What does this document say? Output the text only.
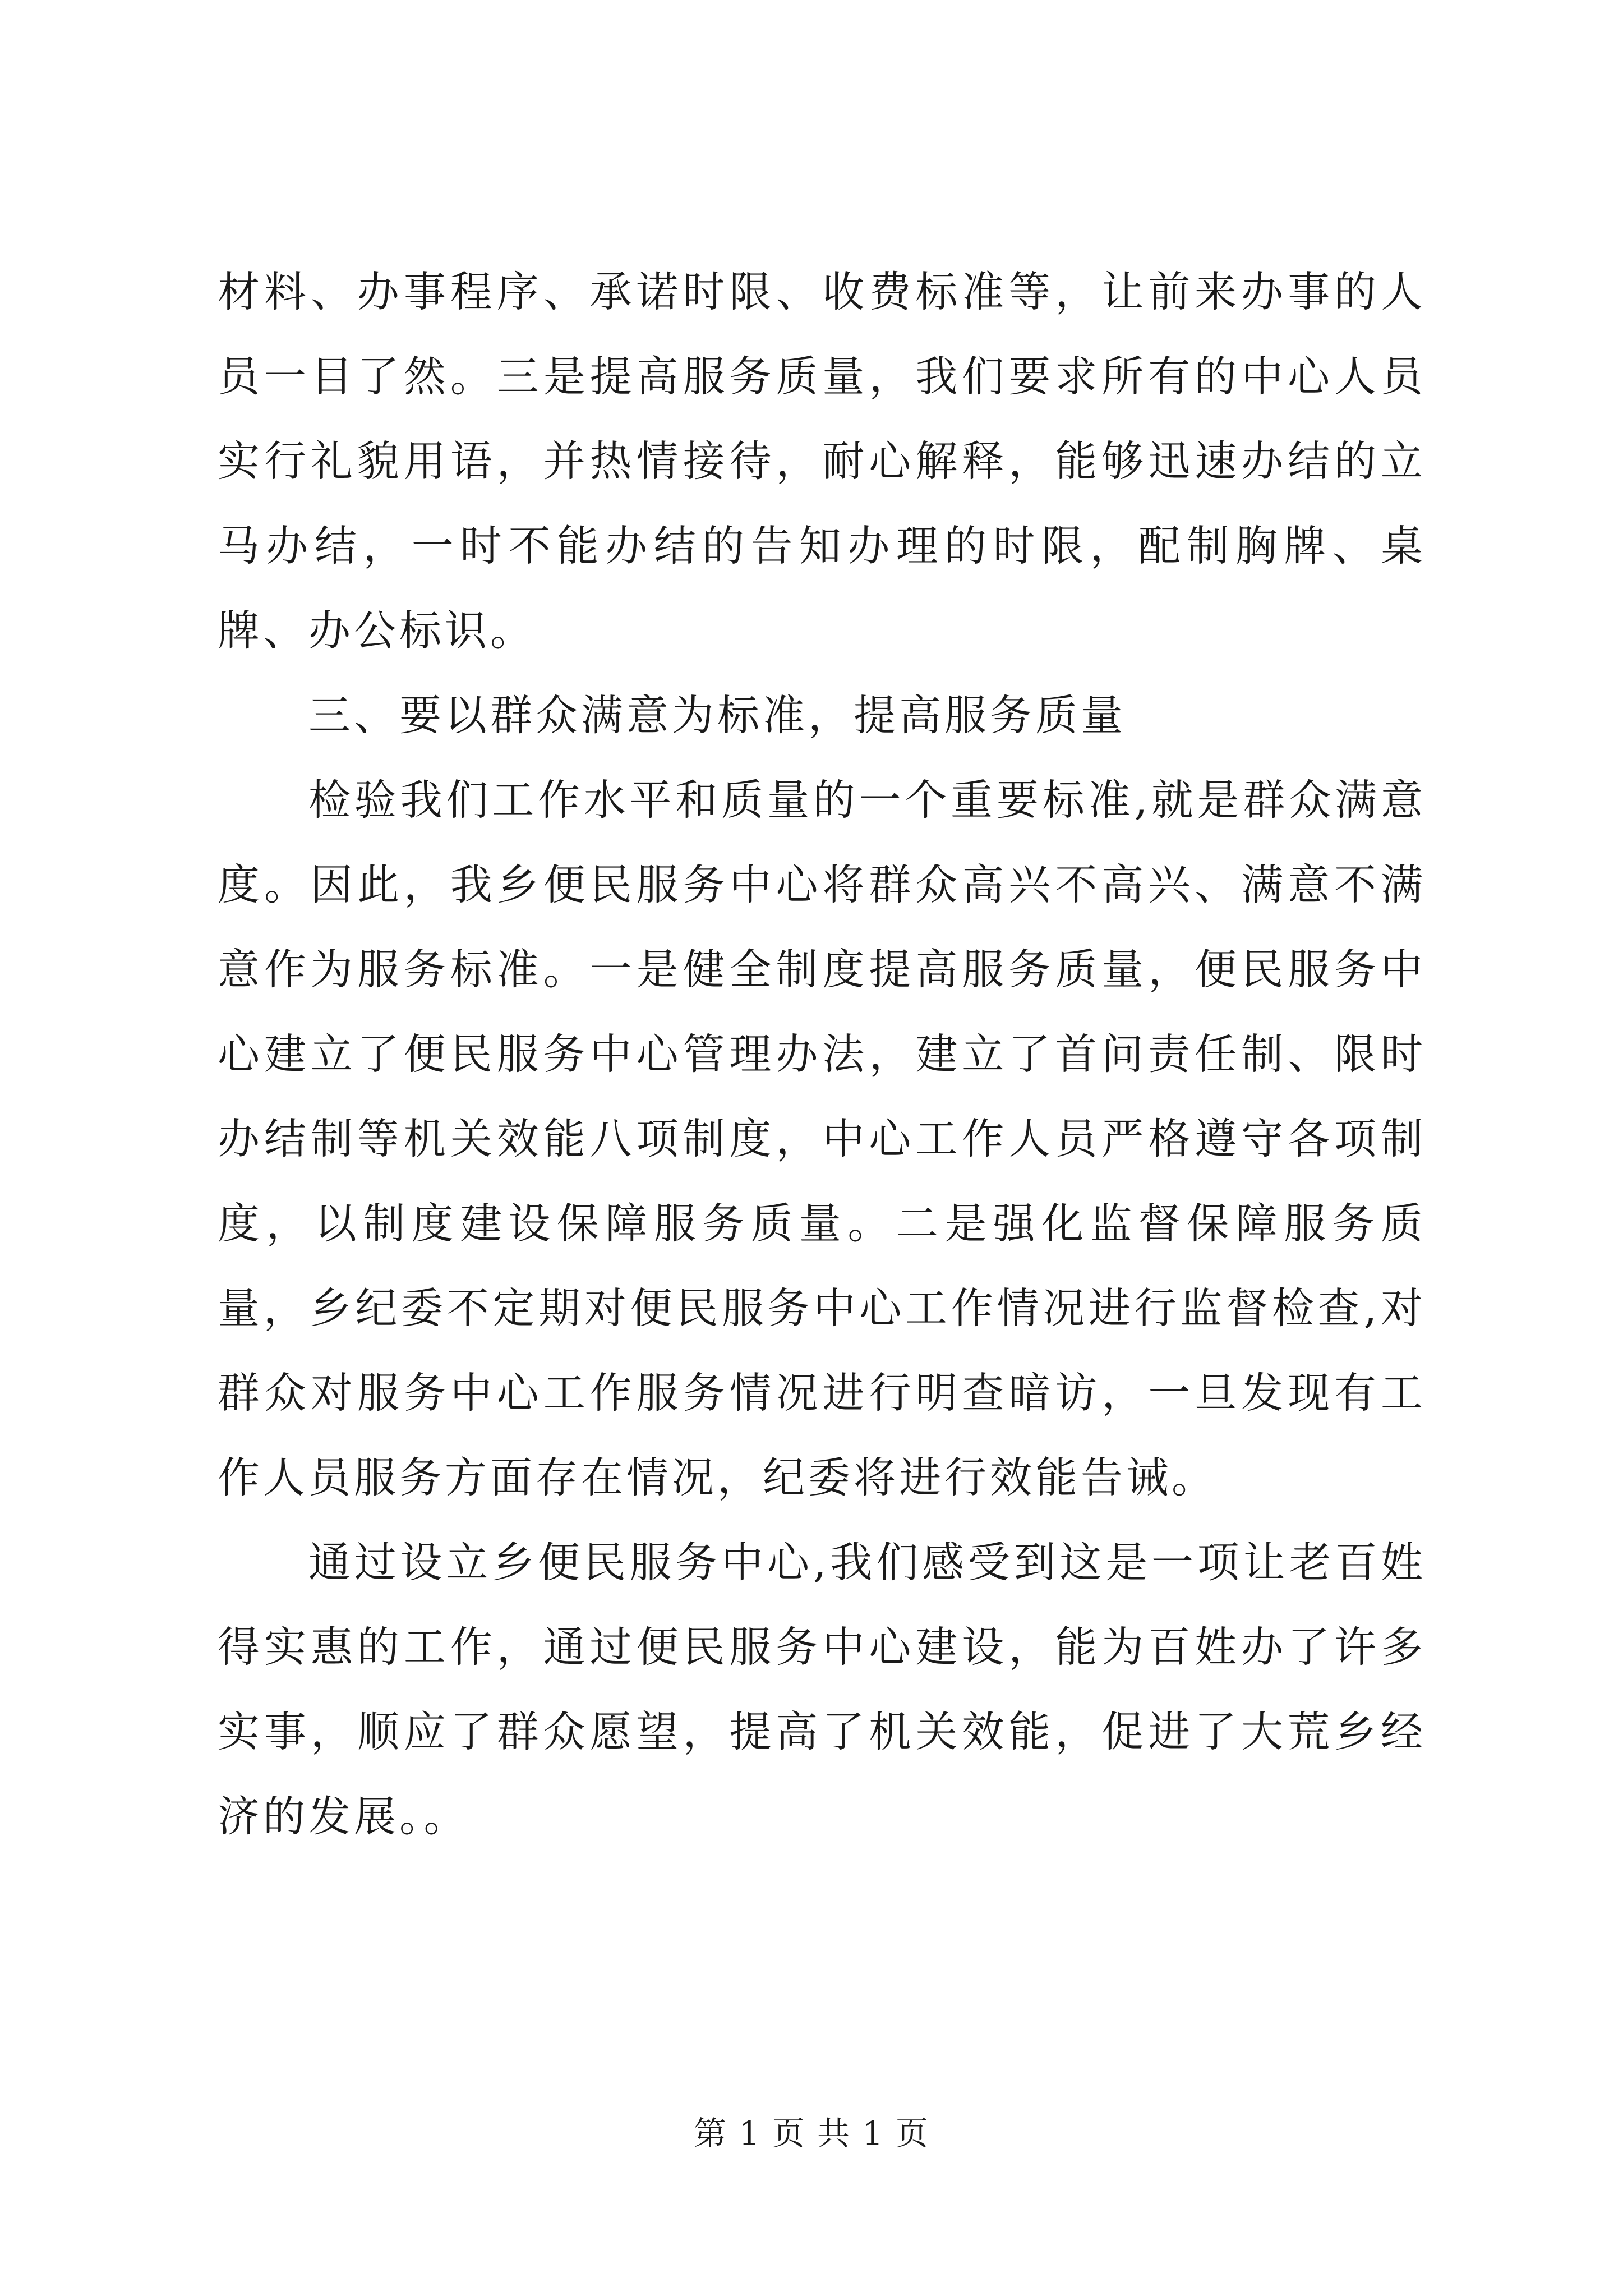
材料、办事程序、承诺时限、收费标准等，让前来办事的人员一目了然。三是提高服务质量，我们要求所有的中心人员实行礼貌用语，并热情接待，耐心解释，能够迅速办结的立马办结，一时不能办结的告知办理的时限，配制胸牌、桌牌、办公标识。

三、要以群众满意为标准，提高服务质量

检验我们工作水平和质量的一个重要标准,就是群众满意度。因此，我乡便民服务中心将群众高兴不高兴、满意不满意作为服务标准。一是健全制度提高服务质量，便民服务中心建立了便民服务中心管理办法，建立了首问责任制、限时办结制等机关效能八项制度，中心工作人员严格遵守各项制度，以制度建设保障服务质量。二是强化监督保障服务质量，乡纪委不定期对便民服务中心工作情况进行监督检查,对群众对服务中心工作服务情况进行明查暗访，一旦发现有工作人员服务方面存在情况，纪委将进行效能告诫。

通过设立乡便民服务中心,我们感受到这是一项让老百姓得实惠的工作，通过便民服务中心建设，能为百姓办了许多实事，顺应了群众愿望，提高了机关效能，促进了大荒乡经济的发展。。

第 1 页 共 1 页
